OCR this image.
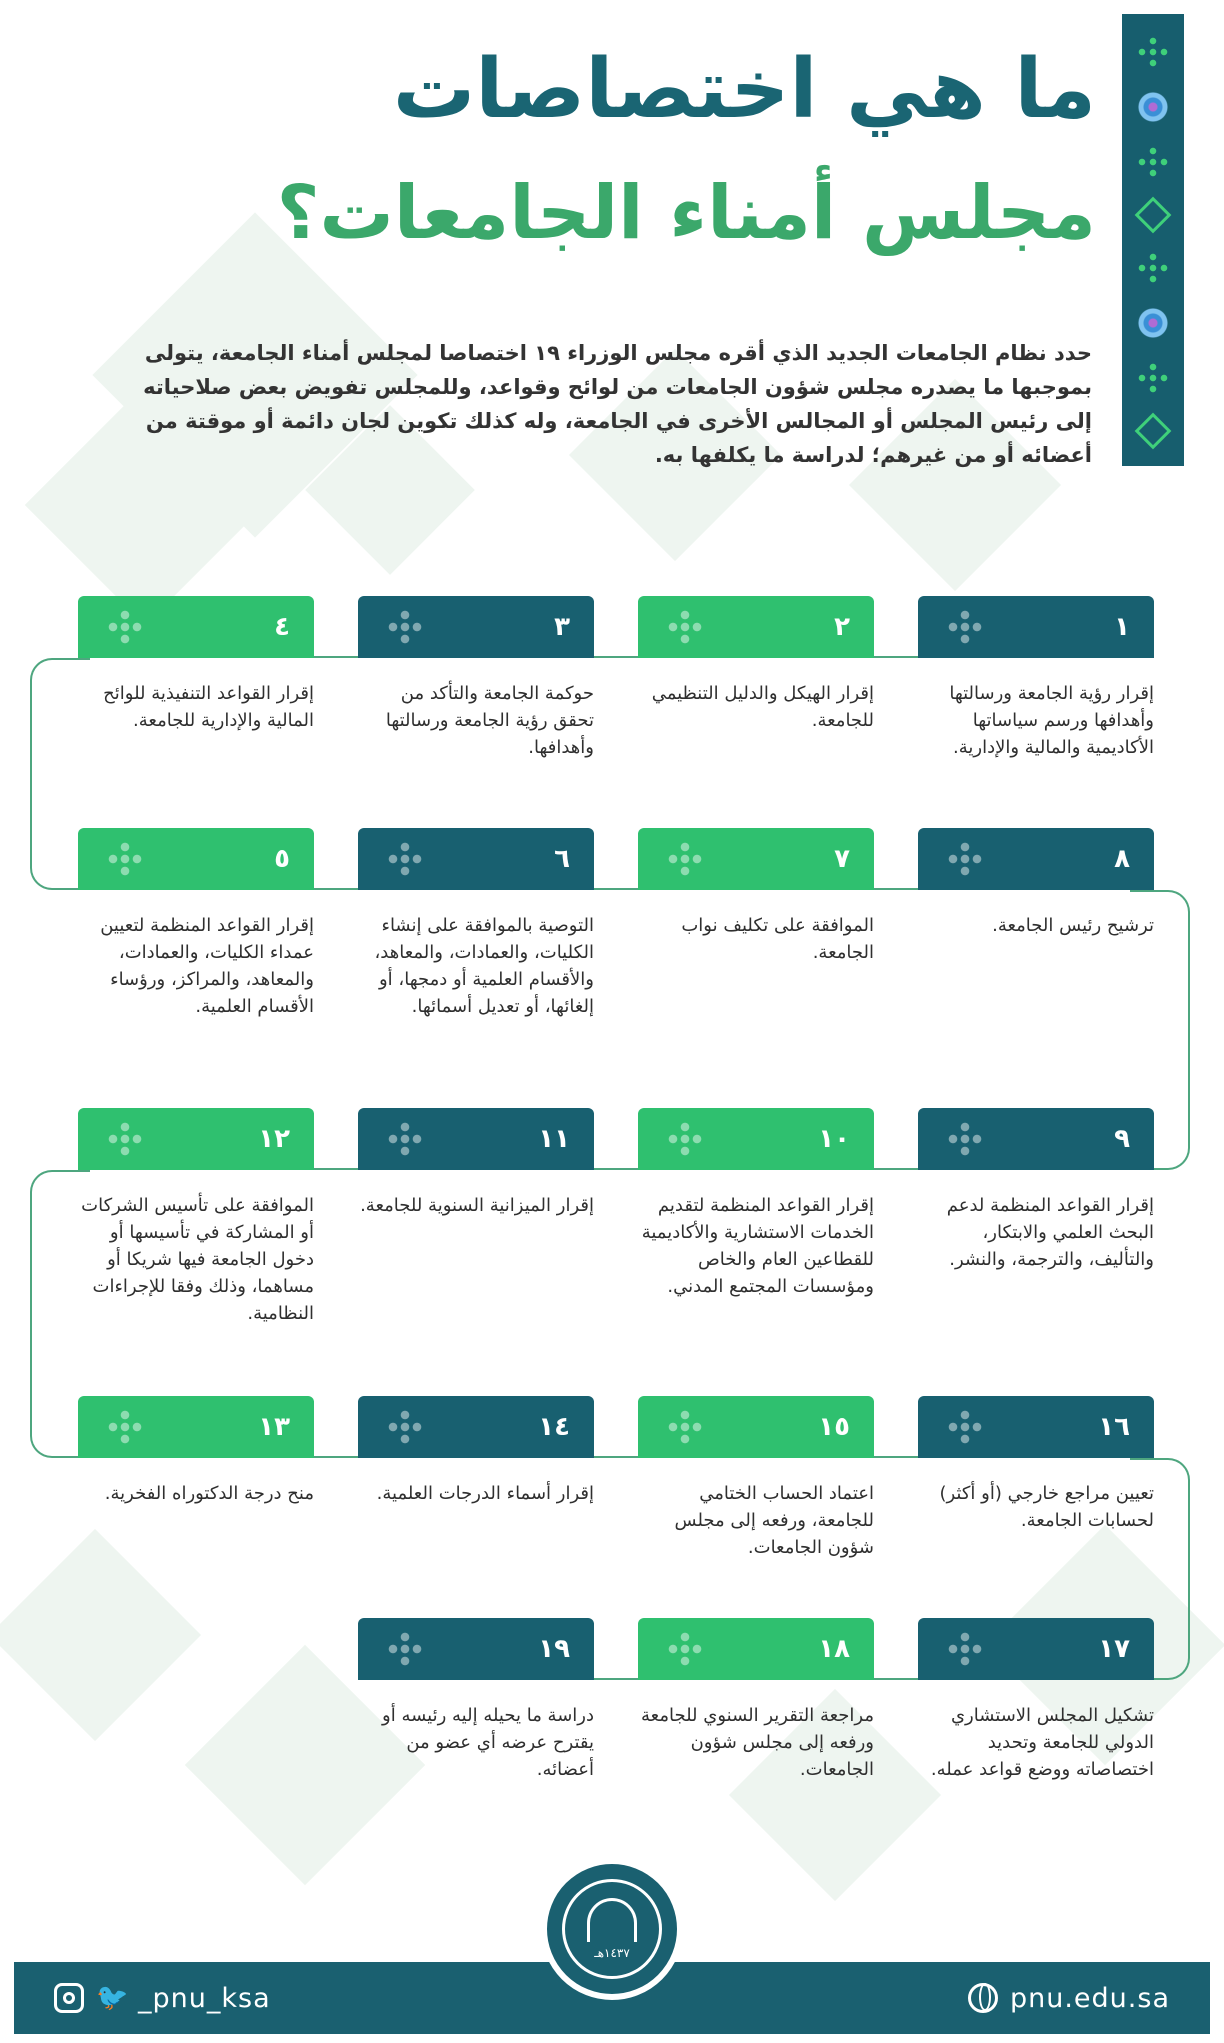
ما هي اختصاصات
مجلس أمناء الجامعات؟

حدد نظام الجامعات الجديد الذي أقره مجلس الوزراء ١٩ اختصاصا لمجلس أمناء الجامعة، يتولى بموجبها ما يصدره مجلس شؤون الجامعات من لوائح وقواعد، وللمجلس تفويض بعض صلاحياته إلى رئيس المجلس أو المجالس الأخرى في الجامعة، وله كذلك تكوين لجان دائمة أو موقتة من أعضائه أو من غيرهم؛ لدراسة ما يكلفها به.

١

إقرار رؤية الجامعة ورسالتها وأهدافها ورسم سياساتها الأكاديمية والمالية والإدارية.

٢

إقرار الهيكل والدليل التنظيمي للجامعة.

٣

حوكمة الجامعة والتأكد من تحقق رؤية الجامعة ورسالتها وأهدافها.

٤

إقرار القواعد التنفيذية للوائح المالية والإدارية للجامعة.

٨

ترشيح رئيس الجامعة.

٧

الموافقة على تكليف نواب الجامعة.

٦

التوصية بالموافقة على إنشاء الكليات، والعمادات، والمعاهد، والأقسام العلمية أو دمجها، أو إلغائها، أو تعديل أسمائها.

٥

إقرار القواعد المنظمة لتعيين عمداء الكليات، والعمادات، والمعاهد، والمراكز، ورؤساء الأقسام العلمية.

٩

إقرار القواعد المنظمة لدعم البحث العلمي والابتكار، والتأليف، والترجمة، والنشر.

١٠

إقرار القواعد المنظمة لتقديم الخدمات الاستشارية والأكاديمية للقطاعين العام والخاص ومؤسسات المجتمع المدني.

١١

إقرار الميزانية السنوية للجامعة.

١٢

الموافقة على تأسيس الشركات أو المشاركة في تأسيسها أو دخول الجامعة فيها شريكا أو مساهما، وذلك وفقا للإجراءات النظامية.

١٦

تعيين مراجع خارجي (أو أكثر) لحسابات الجامعة.

١٥

اعتماد الحساب الختامي للجامعة، ورفعه إلى مجلس شؤون الجامعات.

١٤

إقرار أسماء الدرجات العلمية.

١٣

منح درجة الدكتوراه الفخرية.

١٧

تشكيل المجلس الاستشاري الدولي للجامعة وتحديد اختصاصاته ووضع قواعد عمله.

١٨

مراجعة التقرير السنوي للجامعة ورفعه إلى مجلس شؤون الجامعات.

١٩

دراسة ما يحيله إليه رئيسه أو يقترح عرضه أي عضو من أعضائه.

🐦 _pnu_ksa	pnu.edu.sa
١٤٣٧هـ
